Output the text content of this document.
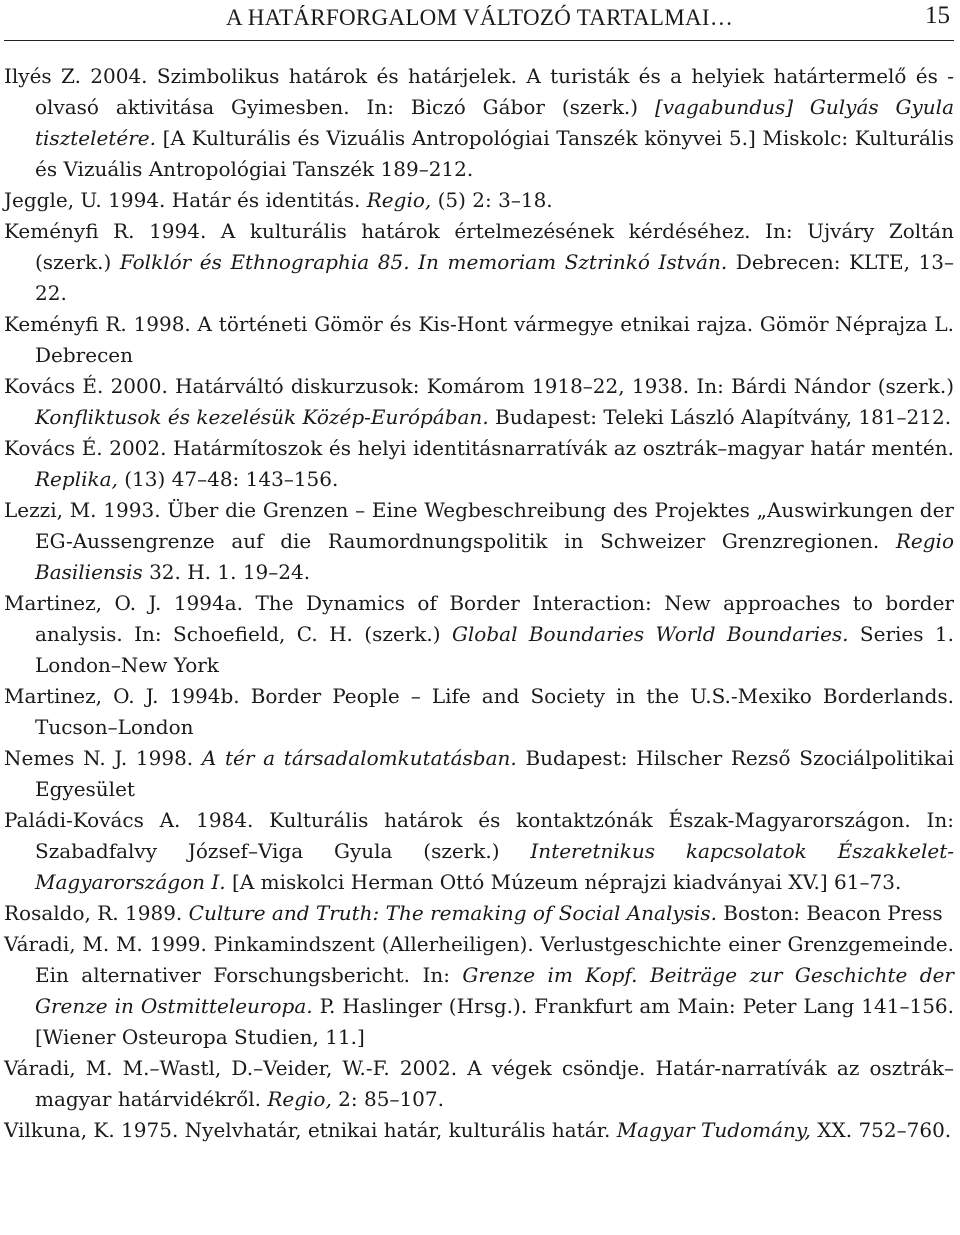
A HATÁRFORGALOM VÁLTOZÓ TARTALMAI…	15

Ilyés Z. 2004. Szimbolikus határok és határjelek. A turisták és a helyiek határtermelő és -olvasó aktivitása Gyimesben. In: Biczó Gábor (szerk.) [vagabundus] Gulyás Gyula tiszteletére. [A Kulturális és Vizuális Antropológiai Tanszék könyvei 5.] Miskolc: Kulturális és Vizuális Antropológiai Tanszék 189–212.

Jeggle, U. 1994. Határ és identitás. Regio, (5) 2: 3–18.

Keményfi R. 1994. A kulturális határok értelmezésének kérdéséhez. In: Ujváry Zoltán (szerk.) Folklór és Ethnographia 85. In memoriam Sztrinkó István. Debrecen: KLTE, 13–22.

Keményfi R. 1998. A történeti Gömör és Kis-Hont vármegye etnikai rajza. Gömör Néprajza L. Debrecen

Kovács É. 2000. Határváltó diskurzusok: Komárom 1918–22, 1938. In: Bárdi Nándor (szerk.) Konfliktusok és kezelésük Közép-Európában. Budapest: Teleki László Alapítvány, 181–212.

Kovács É. 2002. Határmítoszok és helyi identitásnarratívák az osztrák–magyar határ mentén. Replika, (13) 47–48: 143–156.

Lezzi, M. 1993. Über die Grenzen – Eine Wegbeschreibung des Projektes „Auswirkungen der EG-Aussengrenze auf die Raumordnungspolitik in Schweizer Grenzregionen. Regio Basiliensis 32. H. 1. 19–24.

Martinez, O. J. 1994a. The Dynamics of Border Interaction: New approaches to border analysis. In: Schoefield, C. H. (szerk.) Global Boundaries World Boundaries. Series 1. London–New York

Martinez, O. J. 1994b. Border People – Life and Society in the U.S.-Mexiko Borderlands. Tucson–London

Nemes N. J. 1998. A tér a társadalomkutatásban. Budapest: Hilscher Rezső Szociálpolitikai Egyesület

Paládi-Kovács A. 1984. Kulturális határok és kontaktzónák Észak-Magyarországon. In: Szabadfalvy József–Viga Gyula (szerk.) Interetnikus kapcsolatok Északkelet-Magyarországon I. [A miskolci Herman Ottó Múzeum néprajzi kiadványai XV.] 61–73.

Rosaldo, R. 1989. Culture and Truth: The remaking of Social Analysis. Boston: Beacon Press

Váradi, M. M. 1999. Pinkamindszent (Allerheiligen). Verlustgeschichte einer Grenzgemeinde. Ein alternativer Forschungsbericht. In: Grenze im Kopf. Beiträge zur Geschichte der Grenze in Ostmitteleuropa. P. Haslinger (Hrsg.). Frankfurt am Main: Peter Lang 141–156. [Wiener Osteuropa Studien, 11.]

Váradi, M. M.–Wastl, D.–Veider, W.-F. 2002. A végek csöndje. Határ-narratívák az osztrák–magyar határvidékről. Regio, 2: 85–107.

Vilkuna, K. 1975. Nyelvhatár, etnikai határ, kulturális határ. Magyar Tudomány, XX. 752–760.
